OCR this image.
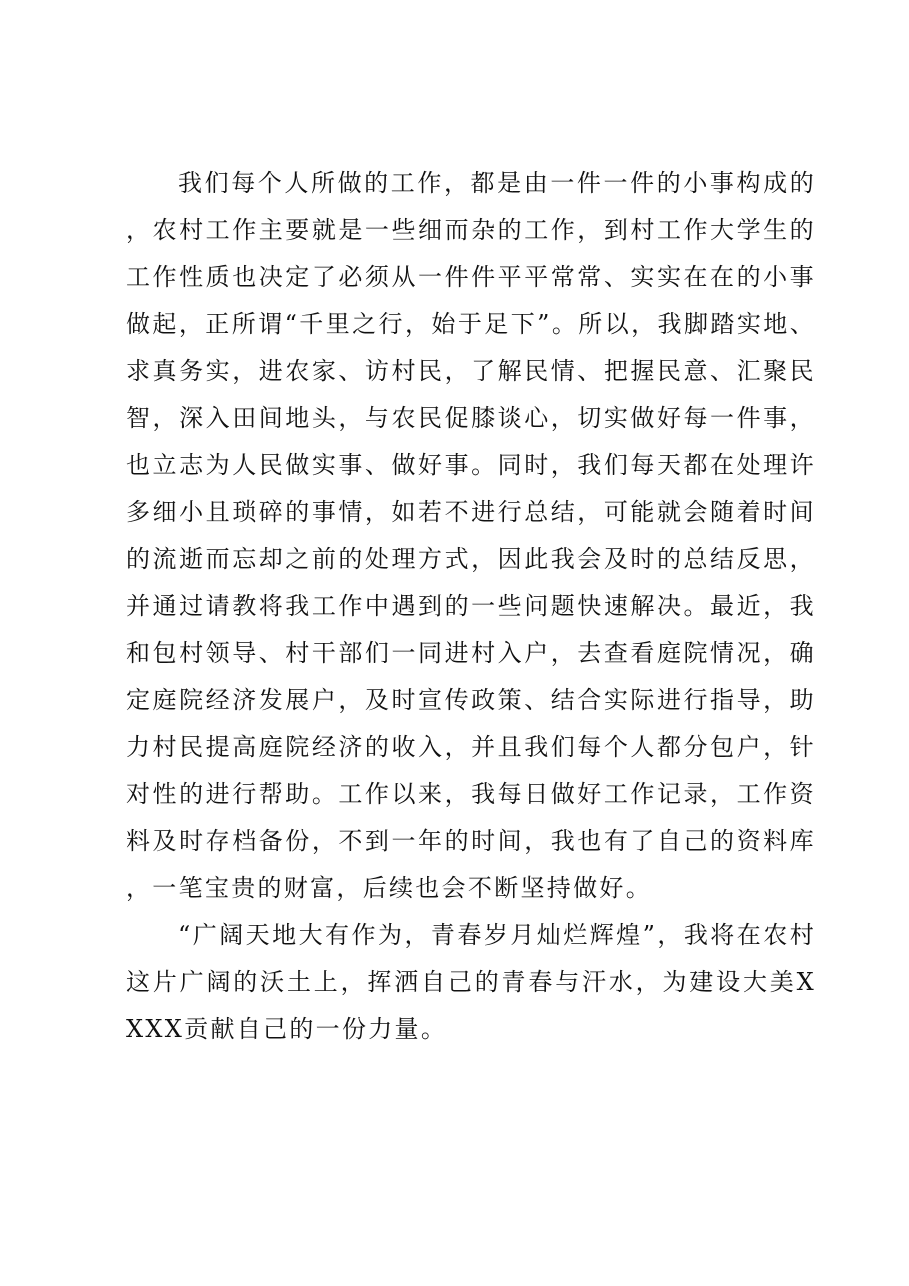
我们每个人所做的工作，都是由一件一件的小事构成的，农村工作主要就是一些细而杂的工作，到村工作大学生的工作性质也决定了必须从一件件平平常常、实实在在的小事做起，正所谓“千里之行，始于足下”。所以，我脚踏实地、求真务实，进农家、访村民，了解民情、把握民意、汇聚民智，深入田间地头，与农民促膝谈心，切实做好每一件事，也立志为人民做实事、做好事。同时，我们每天都在处理许多细小且琐碎的事情，如若不进行总结，可能就会随着时间的流逝而忘却之前的处理方式，因此我会及时的总结反思，并通过请教将我工作中遇到的一些问题快速解决。最近，我和包村领导、村干部们一同进村入户，去查看庭院情况，确定庭院经济发展户，及时宣传政策、结合实际进行指导，助力村民提高庭院经济的收入，并且我们每个人都分包户，针对性的进行帮助。工作以来，我每日做好工作记录，工作资料及时存档备份，不到一年的时间，我也有了自己的资料库，一笔宝贵的财富，后续也会不断坚持做好。

“广阔天地大有作为，青春岁月灿烂辉煌”，我将在农村这片广阔的沃土上，挥洒自己的青春与汗水，为建设大美XXXX贡献自己的一份力量。
